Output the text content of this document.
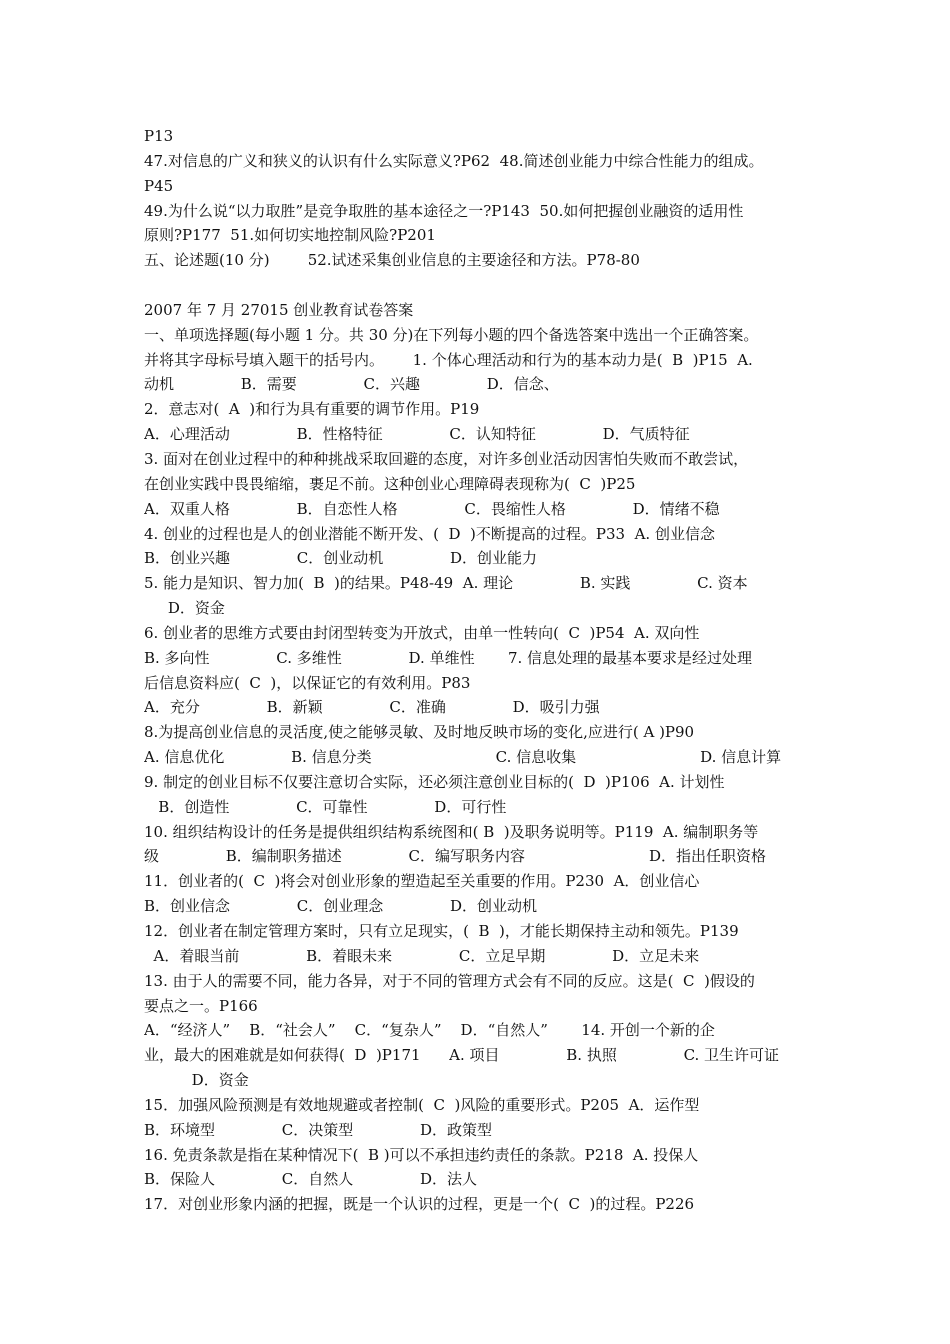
P13
47.对信息的广义和狭义的认识有什么实际意义?P62  48.简述创业能力中综合性能力的组成。
P45
49.为什么说“以力取胜”是竞争取胜的基本途径之一?P143  50.如何把握创业融资的适用性
原则?P177  51.如何切实地控制风险?P201
五、论述题(10 分)        52.试述采集创业信息的主要途径和方法。P78-80
2007 年 7 月 27015 创业教育试卷答案
一、单项选择题(每小题 1 分。共 30 分)在下列每小题的四个备选答案中选出一个正确答案。
并将其字母标号填入题干的括号内。      1. 个体心理活动和行为的基本动力是(  B  )P15  A.
动机              B．需要              C．兴趣              D．信念、
2．意志对(  A  )和行为具有重要的调节作用。P19
A．心理活动              B．性格特征              C．认知特征              D．气质特征
3. 面对在创业过程中的种种挑战采取回避的态度，对许多创业活动因害怕失败而不敢尝试，
在创业实践中畏畏缩缩，裹足不前。这种创业心理障碍表现称为(  C  )P25
A．双重人格              B．自恋性人格              C．畏缩性人格              D．情绪不稳
4. 创业的过程也是人的创业潜能不断开发、(  D  )不断提高的过程。P33  A. 创业信念
B．创业兴趣              C．创业动机              D．创业能力
5. 能力是知识、智力加(  B  )的结果。P48-49  A. 理论              B. 实践              C. 资本
D．资金
6. 创业者的思维方式要由封闭型转变为开放式，由单一性转向(  C  )P54  A. 双向性
B. 多向性              C. 多维性              D. 单维性       7. 信息处理的最基本要求是经过处理
后信息资料应(  C  )，以保证它的有效利用。P83
A．充分              B．新颖              C．准确              D．吸引力强
8.为提高创业信息的灵活度,使之能够灵敏、及时地反映市场的变化,应进行( A )P90
A. 信息优化              B. 信息分类                          C. 信息收集                          D. 信息计算
9. 制定的创业目标不仅要注意切合实际，还必须注意创业目标的(  D  )P106  A. 计划性
B．创造性              C．可靠性              D．可行性
10. 组织结构设计的任务是提供组织结构系统图和( B  )及职务说明等。P119  A. 编制职务等
级              B．编制职务描述              C．编写职务内容                          D．指出任职资格
11．创业者的(  C  )将会对创业形象的塑造起至关重要的作用。P230  A．创业信心
B．创业信念              C．创业理念              D．创业动机
12．创业者在制定管理方案时，只有立足现实，(  B  )，才能长期保持主动和领先。P139
A．着眼当前              B．着眼未来              C．立足早期              D．立足未来
13. 由于人的需要不同，能力各异，对于不同的管理方式会有不同的反应。这是(  C  )假设的
要点之一。P166
A．“经济人”    B．“社会人”    C．“复杂人”    D．“自然人”       14. 开创一个新的企
业，最大的困难就是如何获得(  D  )P171      A. 项目              B. 执照              C. 卫生许可证
D．资金
15．加强风险预测是有效地规避或者控制(  C  )风险的重要形式。P205  A．运作型
B．环境型              C．决策型              D．政策型
16. 免责条款是指在某种情况下(  B )可以不承担违约责任的条款。P218  A. 投保人
B．保险人              C．自然人              D．法人
17．对创业形象内涵的把握，既是一个认识的过程，更是一个(  C  )的过程。P226
